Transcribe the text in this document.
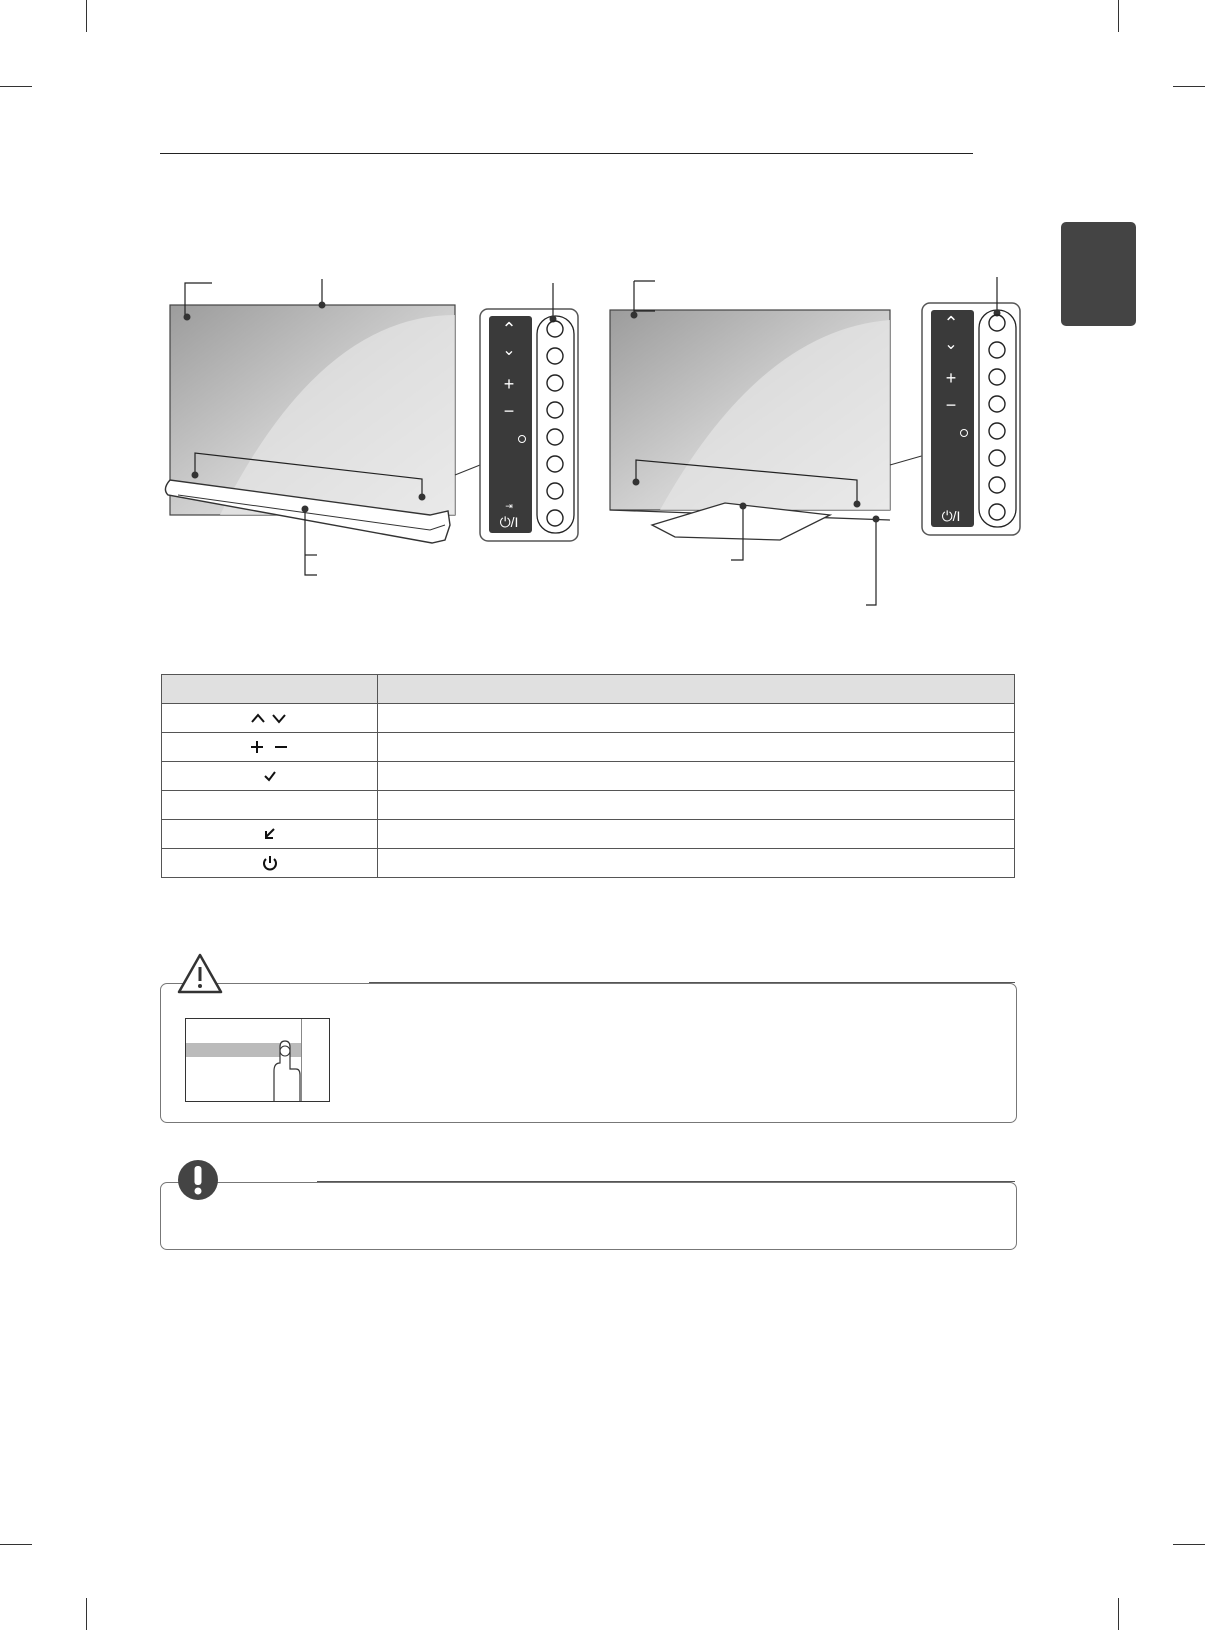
⌃
⌄
+
−
⇥
⏻/I
⌃
⌄
+
−
⏻/I
